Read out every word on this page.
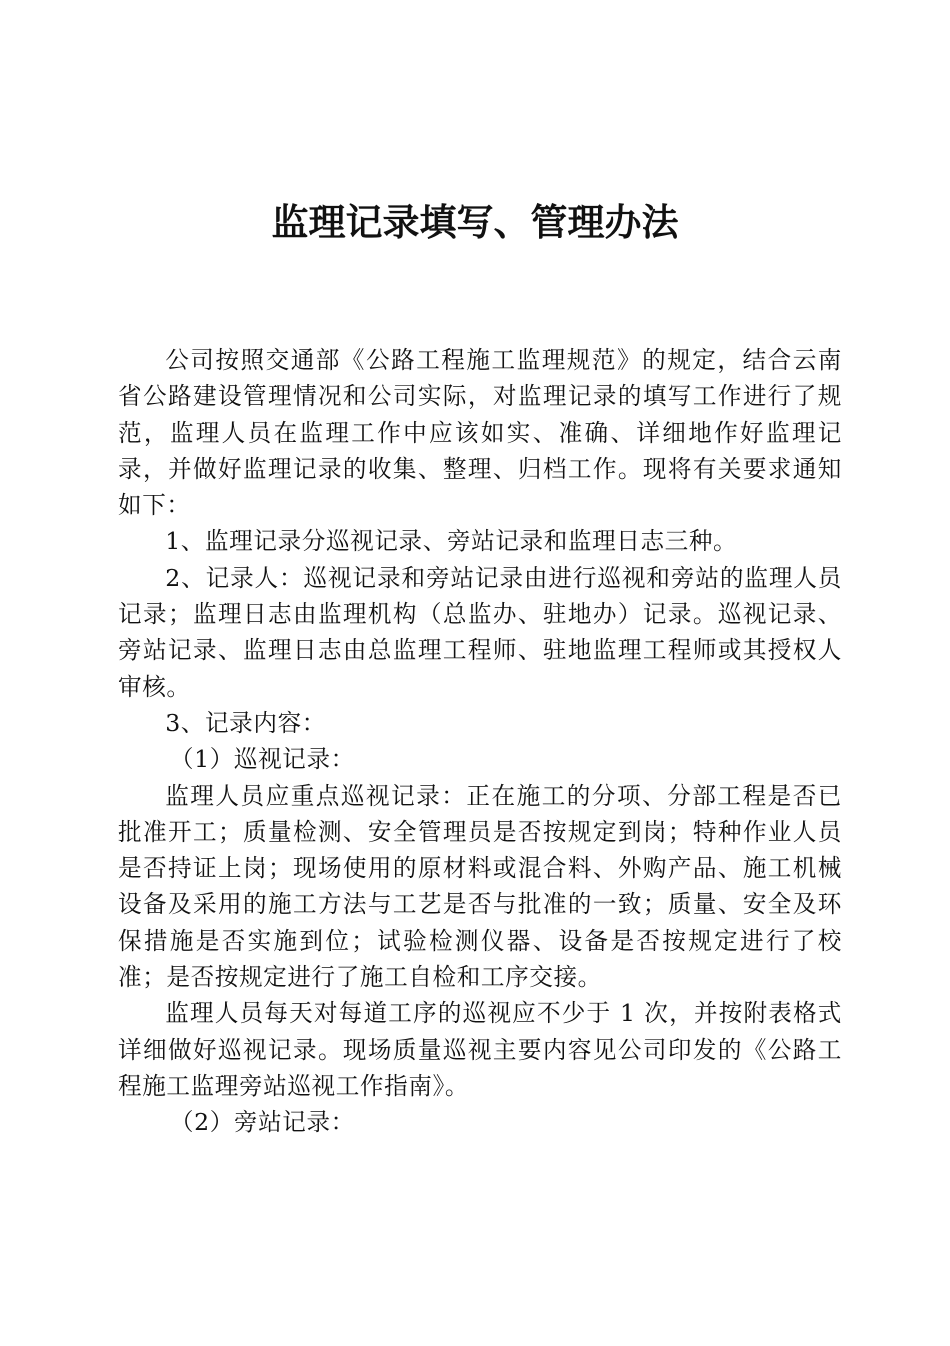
监理记录填写、管理办法

公司按照交通部《公路工程施工监理规范》的规定，结合云南省公路建设管理情况和公司实际，对监理记录的填写工作进行了规范，监理人员在监理工作中应该如实、准确、详细地作好监理记录，并做好监理记录的收集、整理、归档工作。现将有关要求通知如下：

1、监理记录分巡视记录、旁站记录和监理日志三种。

2、记录人：巡视记录和旁站记录由进行巡视和旁站的监理人员记录；监理日志由监理机构（总监办、驻地办）记录。巡视记录、旁站记录、监理日志由总监理工程师、驻地监理工程师或其授权人审核。

3、记录内容：

（1）巡视记录：

监理人员应重点巡视记录：正在施工的分项、分部工程是否已批准开工；质量检测、安全管理员是否按规定到岗；特种作业人员是否持证上岗；现场使用的原材料或混合料、外购产品、施工机械设备及采用的施工方法与工艺是否与批准的一致；质量、安全及环保措施是否实施到位；试验检测仪器、设备是否按规定进行了校准；是否按规定进行了施工自检和工序交接。

监理人员每天对每道工序的巡视应不少于 1 次，并按附表格式详细做好巡视记录。现场质量巡视主要内容见公司印发的《公路工程施工监理旁站巡视工作指南》。

（2）旁站记录：
